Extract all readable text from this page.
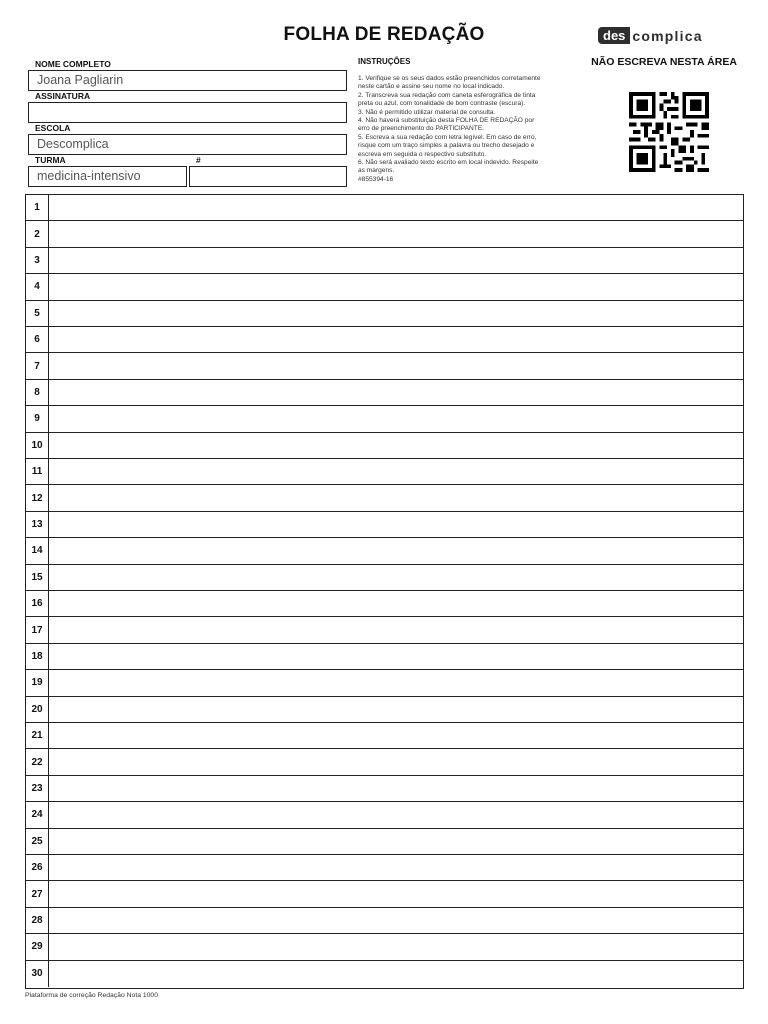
FOLHA DE REDAÇÃO	des complica
NOME COMPLETO
Joana Pagliarin
ASSINATURA
ESCOLA
Descomplica
TURMA	#
medicina-intensivo
INSTRUÇÕES
1. Verifique se os seus dados estão preenchidos corretamente
neste cartão e assine seu nome no local indicado.
2. Transcreva sua redação com caneta esferográfica de tinta
preta ou azul, com tonalidade de bom contraste (escura).
3. Não é permitido utilizar material de consulta.
4. Não haverá substituição desta FOLHA DE REDAÇÃO por
erro de preenchimento do PARTICIPANTE.
5. Escreva a sua redação com letra legível. Em caso de erro,
risque com um traço simples a palavra ou trecho desejado e
escreva em seguida o respectivo substituto.
6. Não será avaliado texto escrito em local indevido. Respeite
as margens.
#855394-16
NÃO ESCREVA NESTA ÁREA
1
2
3
4
5
6
7
8
9
10
11
12
13
14
15
16
17
18
19
20
21
22
23
24
25
26
27
28
29
30
Plataforma de correção Redação Nota 1000
